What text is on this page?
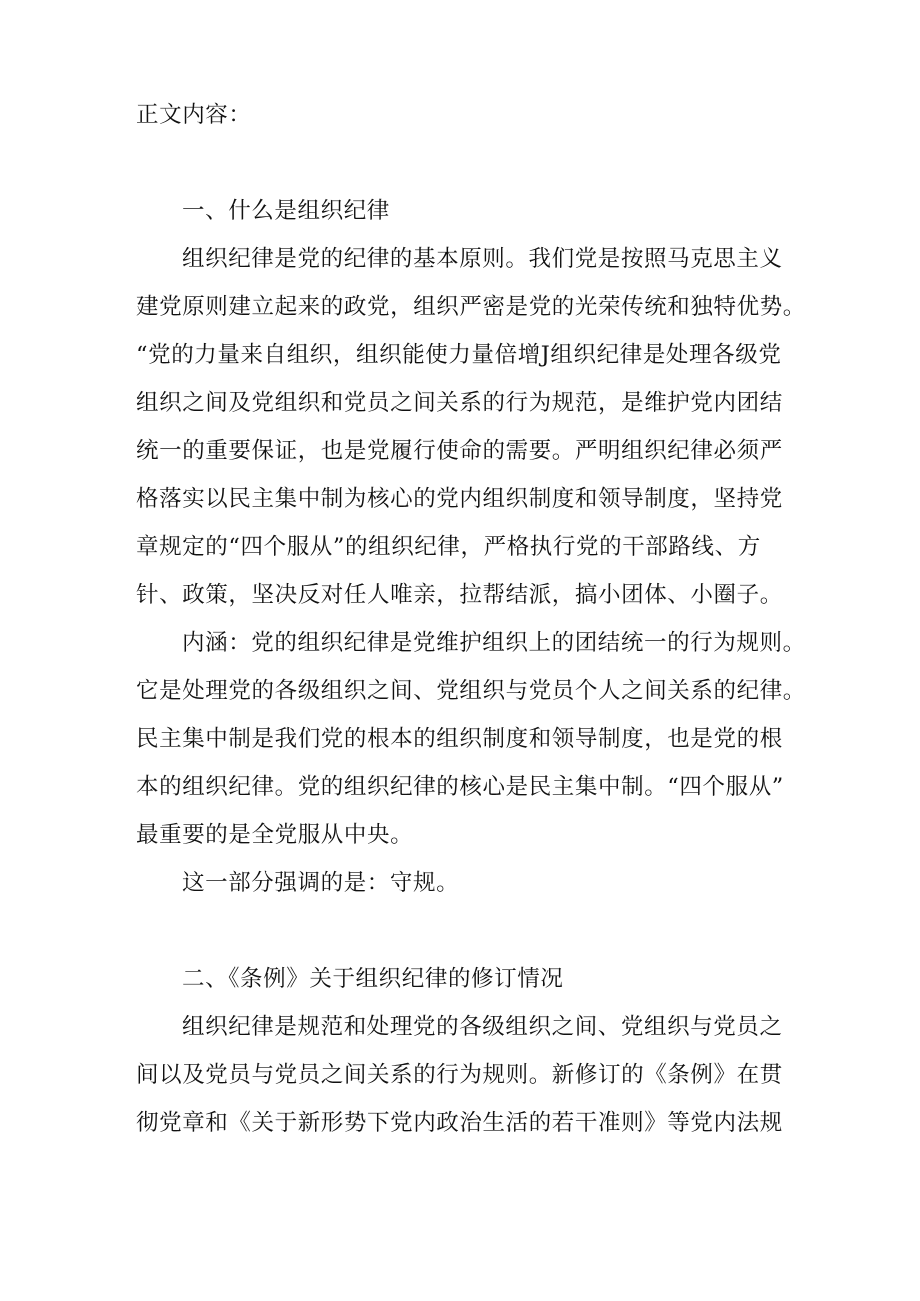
正文内容：
一、什么是组织纪律
组织纪律是党的纪律的基本原则。我们党是按照马克思主义
建党原则建立起来的政党，组织严密是党的光荣传统和独特优势。
“党的力量来自组织，组织能使力量倍增J组织纪律是处理各级党
组织之间及党组织和党员之间关系的行为规范，是维护党内团结
统一的重要保证，也是党履行使命的需要。严明组织纪律必须严
格落实以民主集中制为核心的党内组织制度和领导制度，坚持党
章规定的“四个服从”的组织纪律，严格执行党的干部路线、方
针、政策，坚决反对任人唯亲，拉帮结派，搞小团体、小圈子。
内涵：党的组织纪律是党维护组织上的团结统一的行为规则。
它是处理党的各级组织之间、党组织与党员个人之间关系的纪律。
民主集中制是我们党的根本的组织制度和领导制度，也是党的根
本的组织纪律。党的组织纪律的核心是民主集中制。“四个服从”
最重要的是全党服从中央。
这一部分强调的是：守规。
二、《条例》关于组织纪律的修订情况
组织纪律是规范和处理党的各级组织之间、党组织与党员之
间以及党员与党员之间关系的行为规则。新修订的《条例》在贯
彻党章和《关于新形势下党内政治生活的若干准则》等党内法规
